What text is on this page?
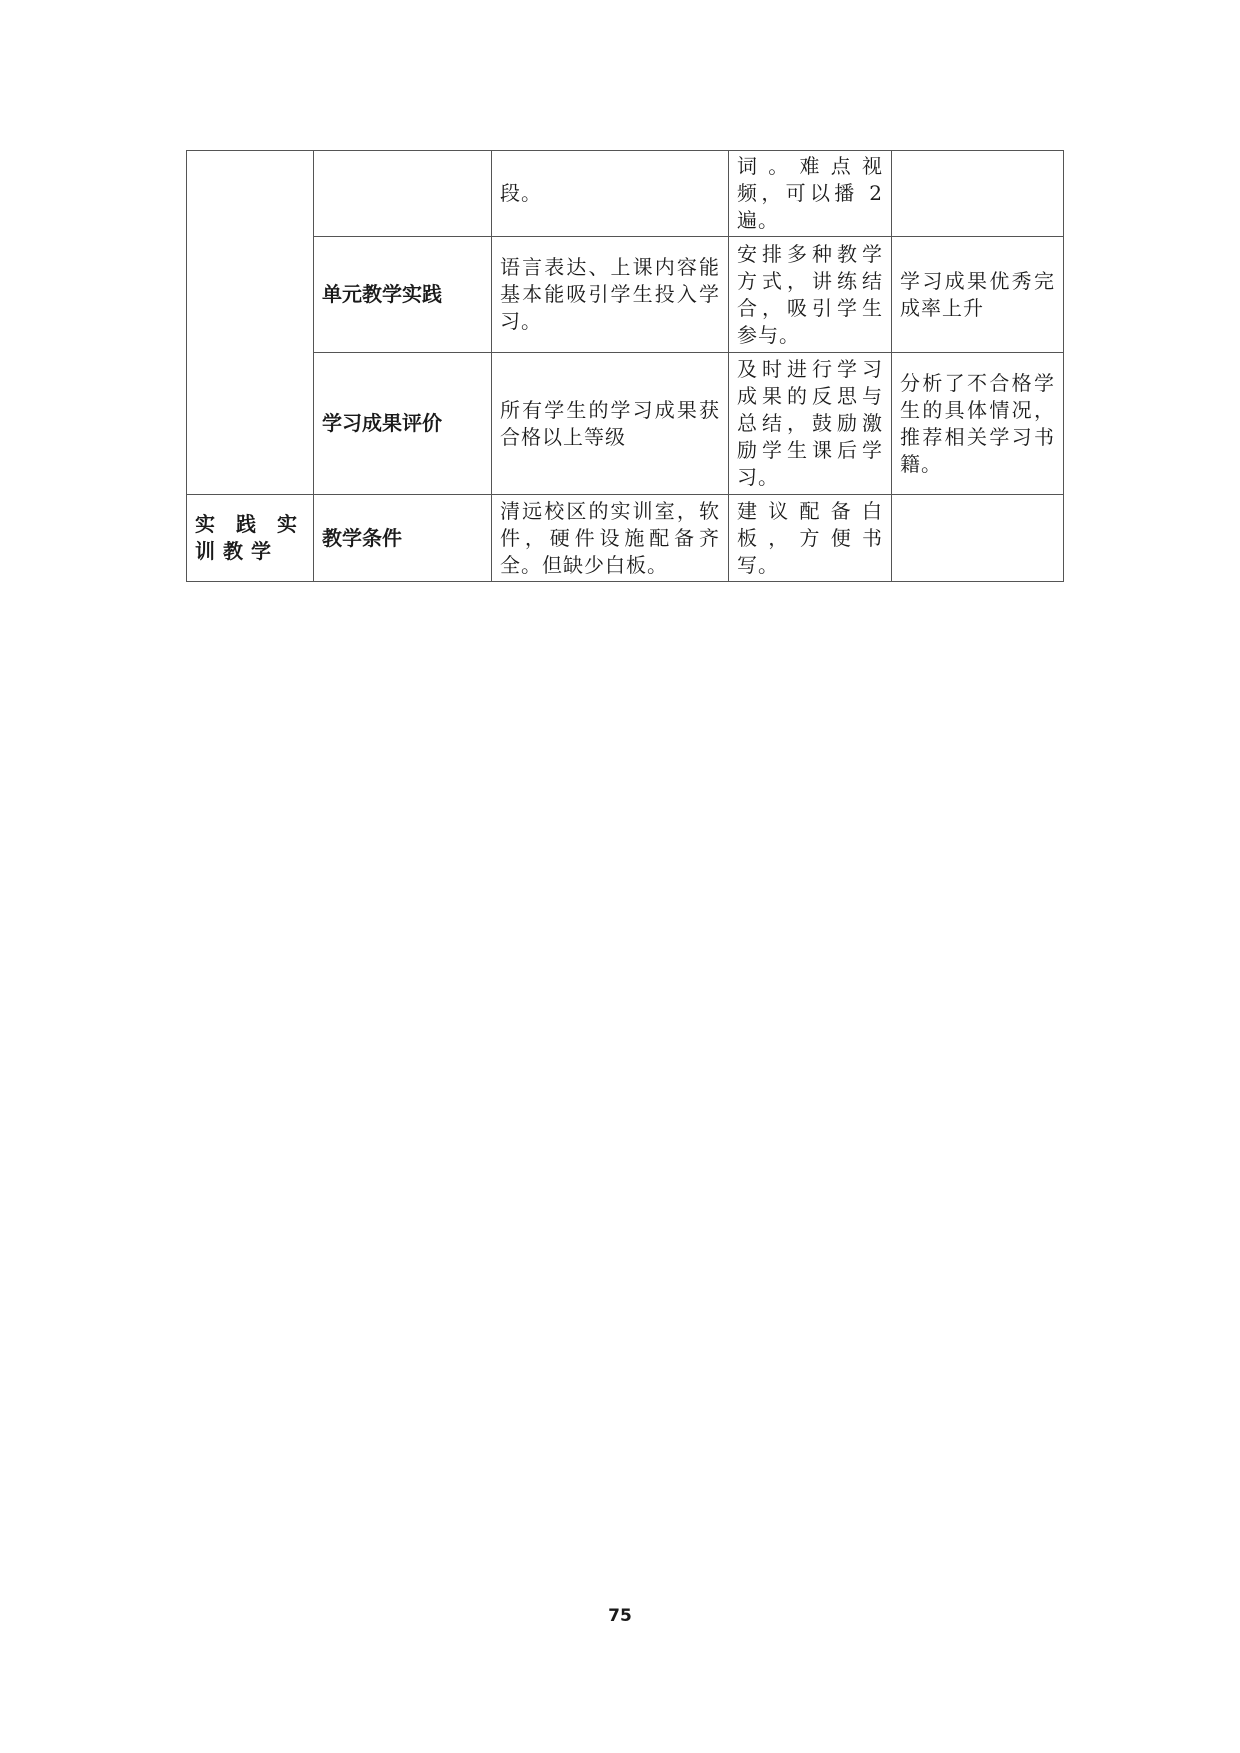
		段。	词。难点视频，可以播 2 遍。	
	单元教学实践	语言表达、上课内容能基本能吸引学生投入学习。	安排多种教学方式，讲练结合，吸引学生参与。	学习成果优秀完成率上升
	学习成果评价	所有学生的学习成果获合格以上等级	及时进行学习成果的反思与总结，鼓励激励学生课后学习。	分析了不合格学生的具体情况，推荐相关学习书籍。
实践实训教学	教学条件	清远校区的实训室，软件，硬件设施配备齐全。但缺少白板。	建议配备白板，方便书写。	
75
